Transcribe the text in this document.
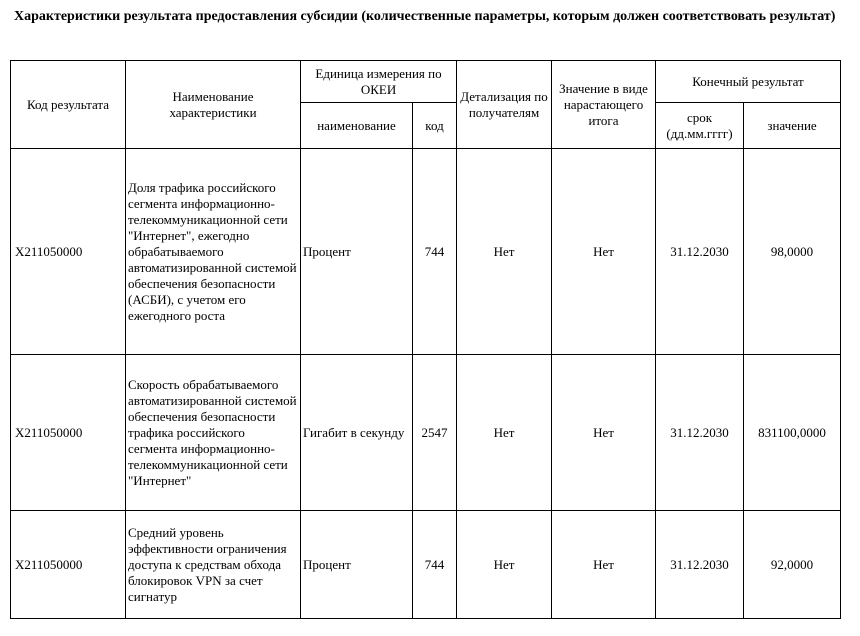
Характеристики результата предоставления субсидии (количественные параметры, которым должен соответствовать результат)
Код результата	Наименование характеристики	Единица измерения по ОКЕИ		Детализация по получателям	Значение в виде нарастающего итога	Конечный результат	
		наименование	код			срок (дд.мм.гггг)	значение
X211050000	Доля трафика российского сегмента информационно-телекоммуникационной сети "Интернет", ежегодно обрабатываемого автоматизированной системой обеспечения безопасности (АСБИ), с учетом его ежегодного роста	Процент	744	Нет	Нет	31.12.2030	98,0000
X211050000	Скорость обрабатываемого автоматизированной системой обеспечения безопасности трафика российского сегмента информационно-телекоммуникационной сети "Интернет"	Гигабит в секунду	2547	Нет	Нет	31.12.2030	831100,0000
X211050000	Средний уровень эффективности ограничения доступа к средствам обхода блокировок VPN за счет сигнатур	Процент	744	Нет	Нет	31.12.2030	92,0000
